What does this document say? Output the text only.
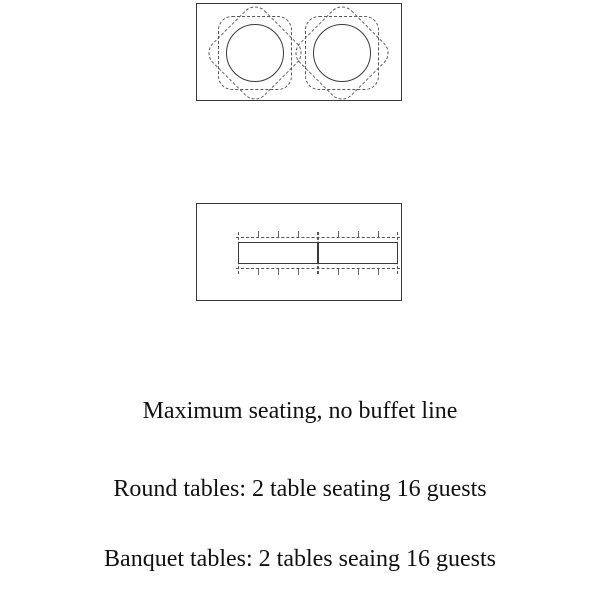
Maximum seating, no buffet line
Round tables: 2 table seating 16 guests
Banquet tables: 2 tables seaing 16 guests
